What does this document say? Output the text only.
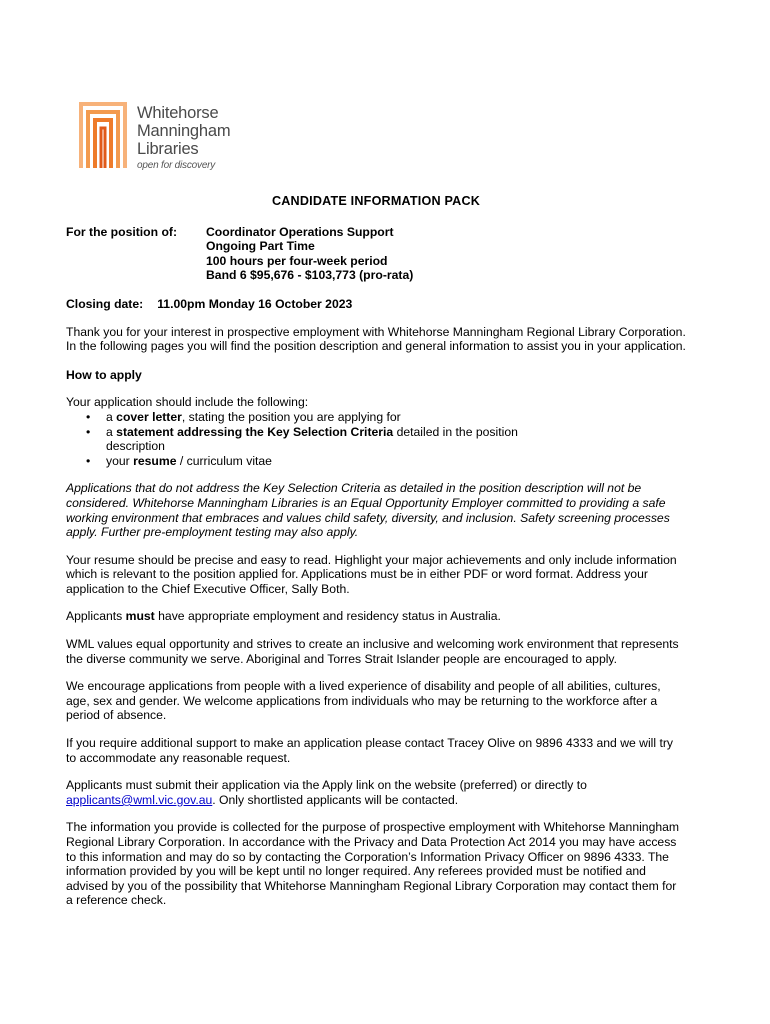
Whitehorse
Manningham
Libraries
open for discovery
CANDIDATE INFORMATION PACK
For the position of:	Coordinator Operations Support
Ongoing Part Time
100 hours per four-week period
Band 6 $95,676 - $103,773 (pro-rata)
Closing date: 11.00pm Monday 16 October 2023

Thank you for your interest in prospective employment with Whitehorse Manningham Regional Library Corporation. In the following pages you will find the position description and general information to assist you in your application.

How to apply

Your application should include the following:

• a cover letter, stating the position you are applying for
• a statement addressing the Key Selection Criteria detailed in the position description
• your resume / curriculum vitae

Applications that do not address the Key Selection Criteria as detailed in the position description will not be considered. Whitehorse Manningham Libraries is an Equal Opportunity Employer committed to providing a safe working environment that embraces and values child safety, diversity, and inclusion. Safety screening processes apply. Further pre-employment testing may also apply.

Your resume should be precise and easy to read. Highlight your major achievements and only include information which is relevant to the position applied for. Applications must be in either PDF or word format. Address your application to the Chief Executive Officer, Sally Both.

Applicants must have appropriate employment and residency status in Australia.

WML values equal opportunity and strives to create an inclusive and welcoming work environment that represents the diverse community we serve. Aboriginal and Torres Strait Islander people are encouraged to apply.

We encourage applications from people with a lived experience of disability and people of all abilities, cultures, age, sex and gender. We welcome applications from individuals who may be returning to the workforce after a period of absence.

If you require additional support to make an application please contact Tracey Olive on 9896 4333 and we will try to accommodate any reasonable request.

Applicants must submit their application via the Apply link on the website (preferred) or directly to applicants@wml.vic.gov.au. Only shortlisted applicants will be contacted.

The information you provide is collected for the purpose of prospective employment with Whitehorse Manningham Regional Library Corporation. In accordance with the Privacy and Data Protection Act 2014 you may have access to this information and may do so by contacting the Corporation’s Information Privacy Officer on 9896 4333. The information provided by you will be kept until no longer required. Any referees provided must be notified and advised by you of the possibility that Whitehorse Manningham Regional Library Corporation may contact them for a reference check.
